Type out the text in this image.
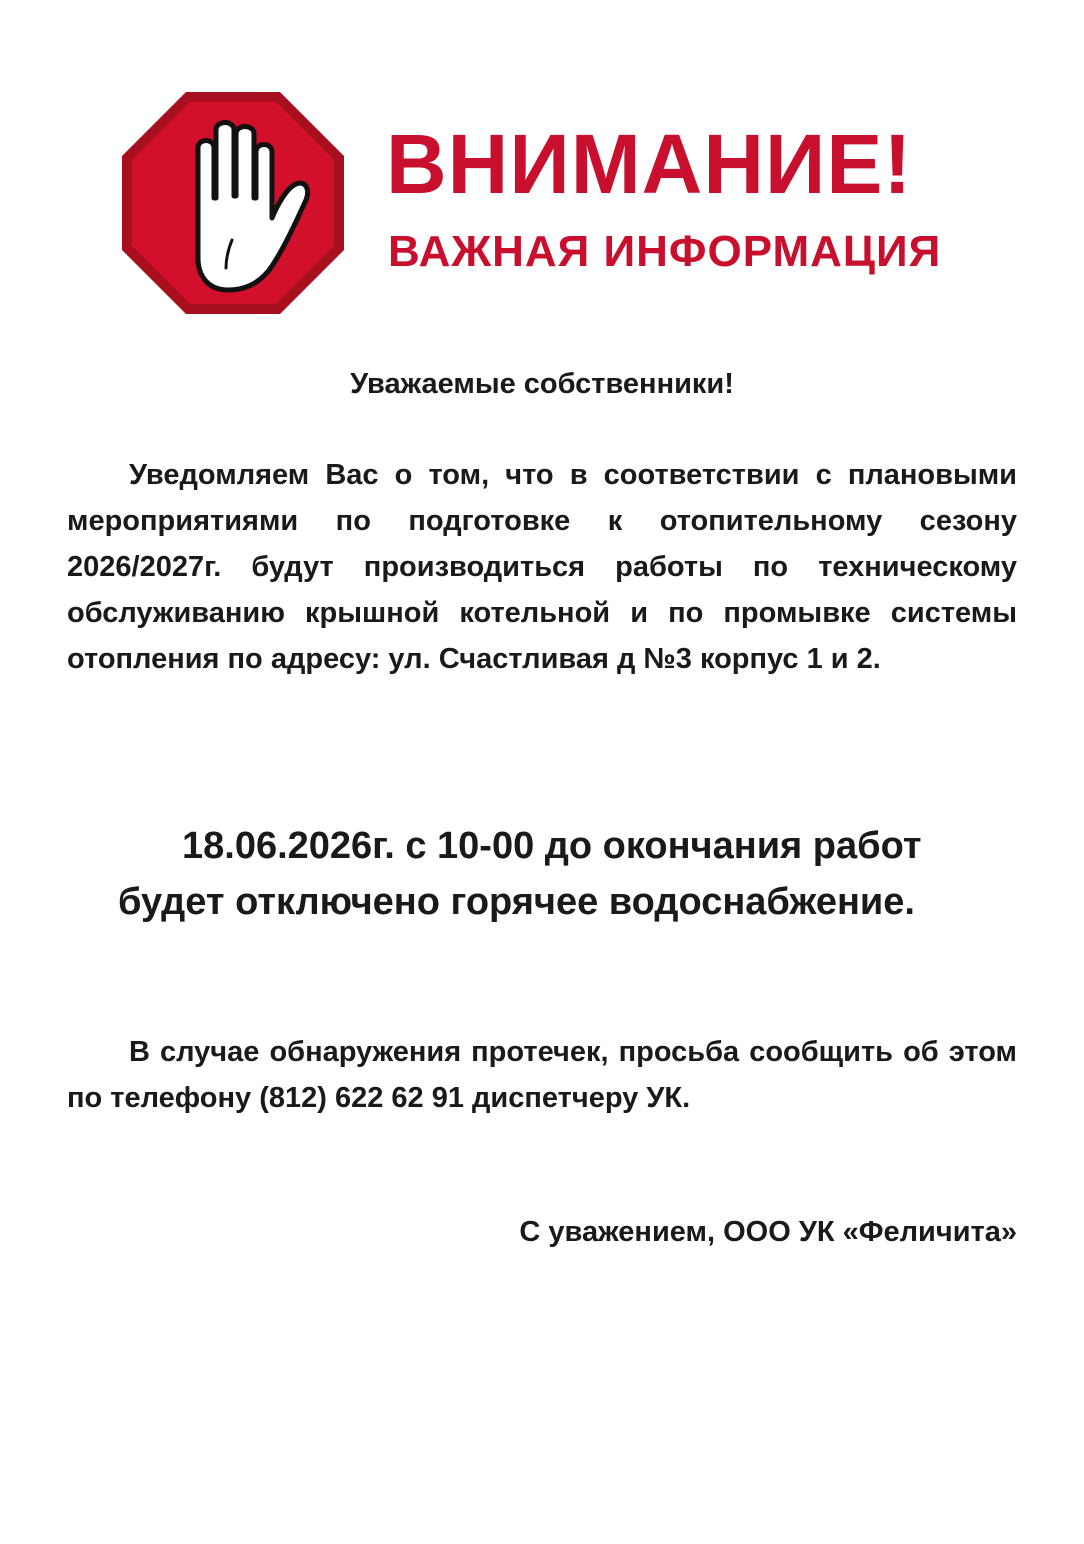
ВНИМАНИЕ!
ВАЖНАЯ ИНФОРМАЦИЯ

Уважаемые собственники!

Уведомляем Вас о том, что в соответствии с плановыми мероприятиями по подготовке к отопительному сезону 2026/2027г. будут производиться работы по техническому обслуживанию крышной котельной и по промывке системы отопления по адресу: ул. Счастливая д №3 корпус 1 и 2.

18.06.2026г. с 10-00 до окончания работ
будет отключено горячее водоснабжение.

В случае обнаружения протечек, просьба сообщить об этом по телефону (812) 622 62 91 диспетчеру УК.

С уважением, ООО УК «Феличита»
